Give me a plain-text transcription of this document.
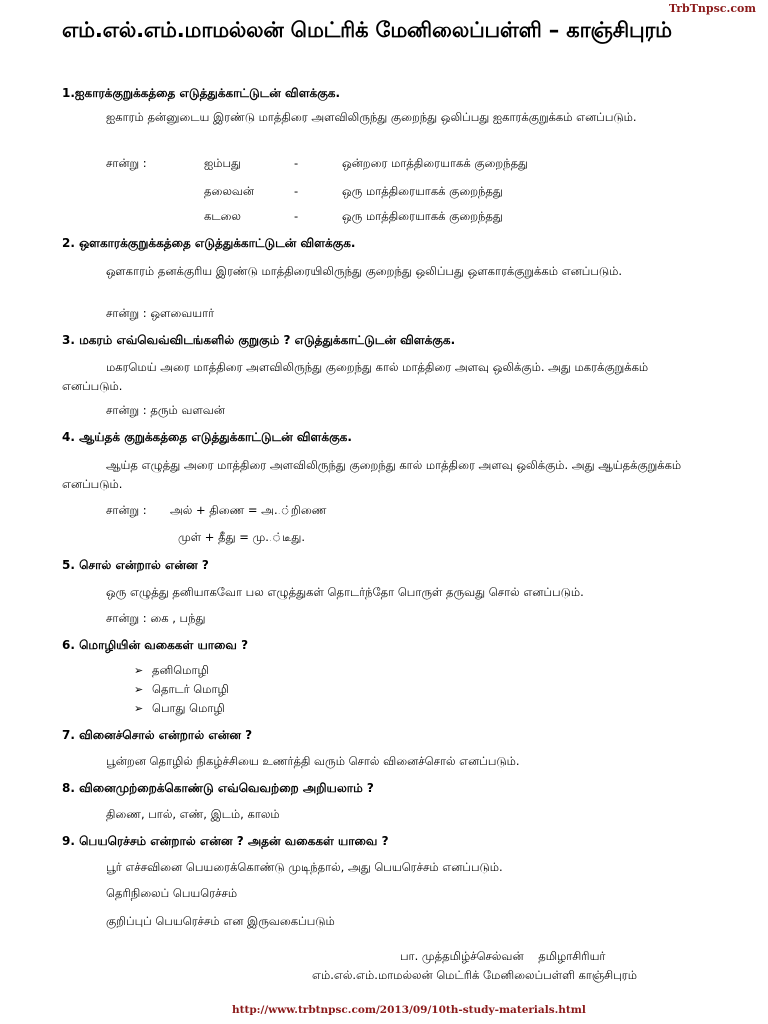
TrbTnpsc.com
எம்.எல்.எம்.மாமல்லன் மெட்ரிக் மேனிலைப்பள்ளி – காஞ்சிபுரம்
1.ஐகாரக்குறுக்கத்தை எடுத்துக்காட்டுடன் விளக்குக.
ஐகாரம் தன்னுடைய இரண்டு மாத்திரை அளவிலிருந்து குறைந்து ஒலிப்பது ஐகாரக்குறுக்கம் எனப்படும்.
சான்று :	ஐம்பது	-	ஒன்றரை மாத்திரையாகக் குறைந்தது
தலைவன்	-	ஒரு மாத்திரையாகக் குறைந்தது
கடலை	-	ஒரு மாத்திரையாகக் குறைந்தது
2. ஒளகாரக்குறுக்கத்தை எடுத்துக்காட்டுடன் விளக்குக.
ஔகாரம் தனக்குரிய இரண்டு மாத்திரையிலிருந்து குறைந்து ஒலிப்பது ஒளகாரக்குறுக்கம் எனப்படும்.
சான்று : ஒளவையார்
3. மகரம் எவ்வெவ்விடங்களில் குறுகும் ? எடுத்துக்காட்டுடன் விளக்குக.
மகரமெய் அரை மாத்திரை அளவிலிருந்து குறைந்து கால் மாத்திரை அளவு ஒலிக்கும். அது மகரக்குறுக்கம் எனப்படும்.
சான்று : தரும் வளவன்
4. ஆய்தக் குறுக்கத்தை எடுத்துக்காட்டுடன் விளக்குக.
ஆய்த எழுத்து அரை மாத்திரை அளவிலிருந்து குறைந்து கால் மாத்திரை அளவு ஒலிக்கும். அது ஆய்தக்குறுக்கம் எனப்படும்.
சான்று : அல் + திணை = அ..்றிணை
முள் + தீது = மு..்டீது.
5. சொல் என்றால் என்ன ?
ஒரு எழுத்து தனியாகவோ பல எழுத்துகள் தொடர்ந்தோ பொருள் தருவது சொல் எனப்படும்.
சான்று : கை , பந்து
6. மொழியின் வகைகள் யாவை ?
➢ தனிமொழி
➢ தொடர் மொழி
➢ பொது மொழி
7. வினைச்சொல் என்றால் என்ன ?
பூன்றன தொழில் நிகழ்ச்சியை உணர்த்தி வரும் சொல் வினைச்சொல் எனப்படும்.
8. வினைமுற்றைக்கொண்டு எவ்வெவற்றை அறியலாம் ?
திணை, பால், எண், இடம், காலம்
9. பெயரெச்சம் என்றால் என்ன ? அதன் வகைகள் யாவை ?
பூர் எச்சவினை பெயரைக்கொண்டு முடிந்தால், அது பெயரெச்சம் எனப்படும்.
தெரிநிலைப் பெயரெச்சம்
குறிப்புப் பெயரெச்சம் என இருவகைப்படும்
பா. முத்தமிழ்ச்செல்வன்    தமிழாசிரியர்
எம்.எல்.எம்.மாமல்லன் மெட்ரிக் மேனிலைப்பள்ளி காஞ்சிபுரம்
http://www.trbtnpsc.com/2013/09/10th-study-materials.html
